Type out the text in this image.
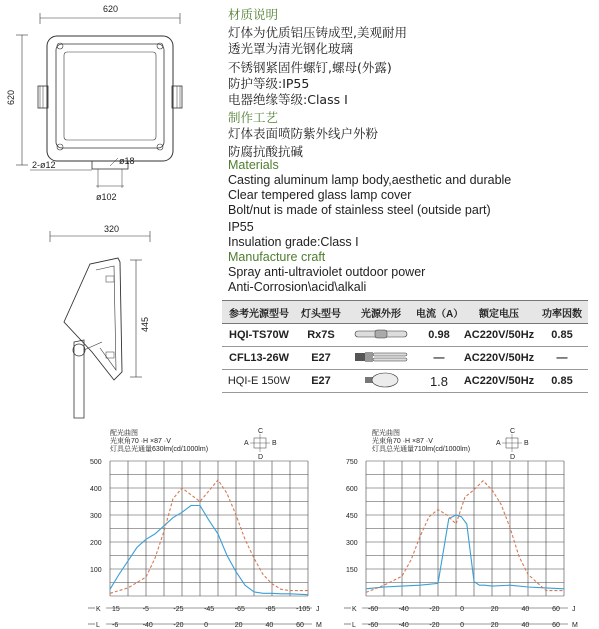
620
620
2-ø12	ø18
ø102
320
445
材质说明
灯体为优质铝压铸成型,美观耐用
透光罩为清光钢化玻璃
不锈钢紧固件螺钉,螺母(外露)
防护等级:IP55
电器绝缘等级:Class Ⅰ
制作工艺
灯体表面喷防紫外线户外粉
防腐抗酸抗碱
Materials
Casting aluminum lamp body,aesthetic and durable
Clear tempered glass lamp cover
Bolt/nut is made of stainless steel (outside part)
IP55
Insulation grade:Class I
Manufacture craft
Spray anti-ultraviolet outdoor power
Anti-Corrosion\acid\alkali
参考光源型号	灯头型号	光源外形	电流（A）	额定电压	功率因数
HQI-TS70W	Rx7S		0.98	AC220V/50Hz	0.85
CFL13-26W	E27		—	AC220V/50Hz	—
HQI-E 150W	E27		1.8	AC220V/50Hz	0.85
配光曲图
光束角70 ·H ×87 ·V
灯具总光通量630lm(cd/1000lm)
C
A	B
D
500
400
300
200
100
K 15	-5	-25	-45	-65	-85	-105 J
L -6	-40	-20	0	20	40	60 M
配光曲图
光束角70 ·H ×87 ·V
灯具总光通量710lm(cd/1000lm)
C
A	B
D
750
600
450
300
150
K -60	-40	-20	0	20	40	60 J
L -60	-40	-20	0	20	40	60 M
